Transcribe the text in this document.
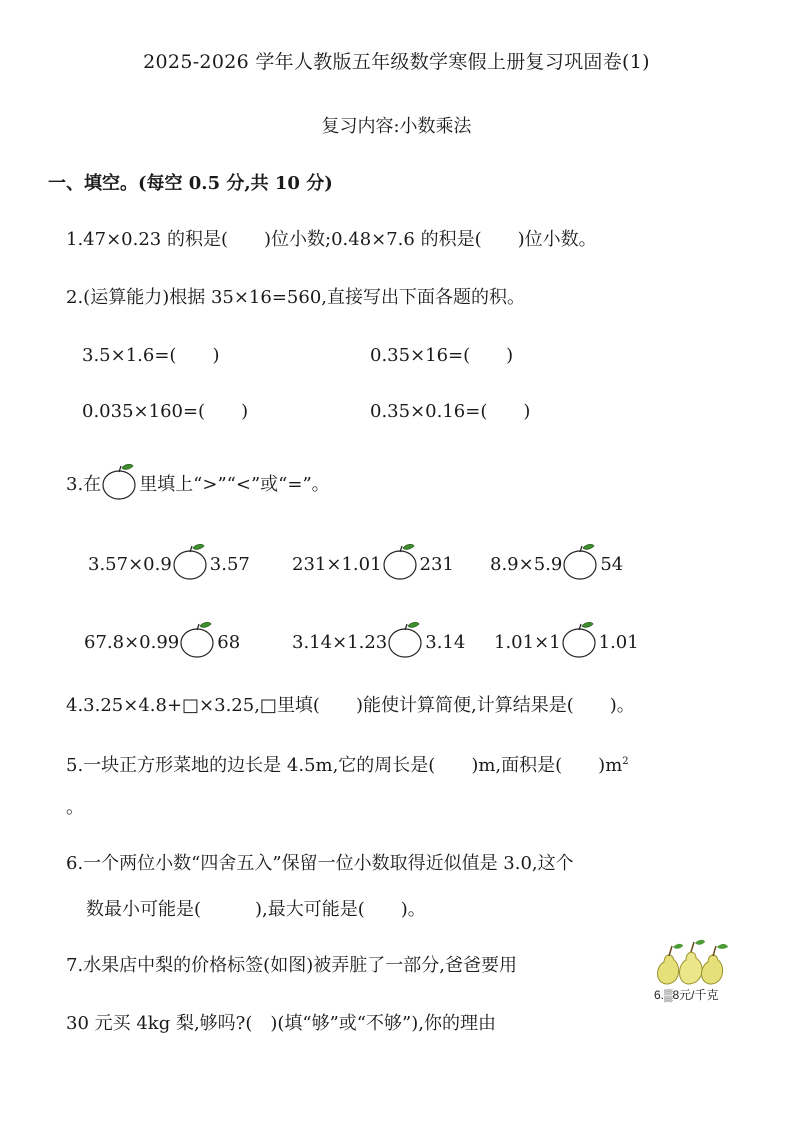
2025-2026 学年人教版五年级数学寒假上册复习巩固卷(1)
复习内容:小数乘法
一、填空。(每空 0.5 分,共 10 分)
1.47×0.23 的积是(　　)位小数;0.48×7.6 的积是(　　)位小数。
2.(运算能力)根据 35×16=560,直接写出下面各题的积。
3.5×1.6=(　　)	0.35×16=(　　)
0.035×160=(　　)	0.35×0.16=(　　)
3.在 里填上“>”“<”或“=”。
3.57×0.9 3.57 231×1.01 231 8.9×5.9 54
67.8×0.99 68	3.14×1.23 3.14 1.01×1 1.01
4.3.25×4.8+□×3.25,□里填(　　)能使计算简便,计算结果是(　　)。
5.一块正方形菜地的边长是 4.5m,它的周长是(　　)m,面积是(　　)$m^2$
。
6.一个两位小数“四舍五入”保留一位小数取得近似值是 3.0,这个
数最小可能是(　　　),最大可能是(　　)。
7.水果店中梨的价格标签(如图)被弄脏了一部分,爸爸要用
30 元买 4kg 梨,够吗?(　)(填“够”或“不够”),你的理由
6.▒8元/千克
